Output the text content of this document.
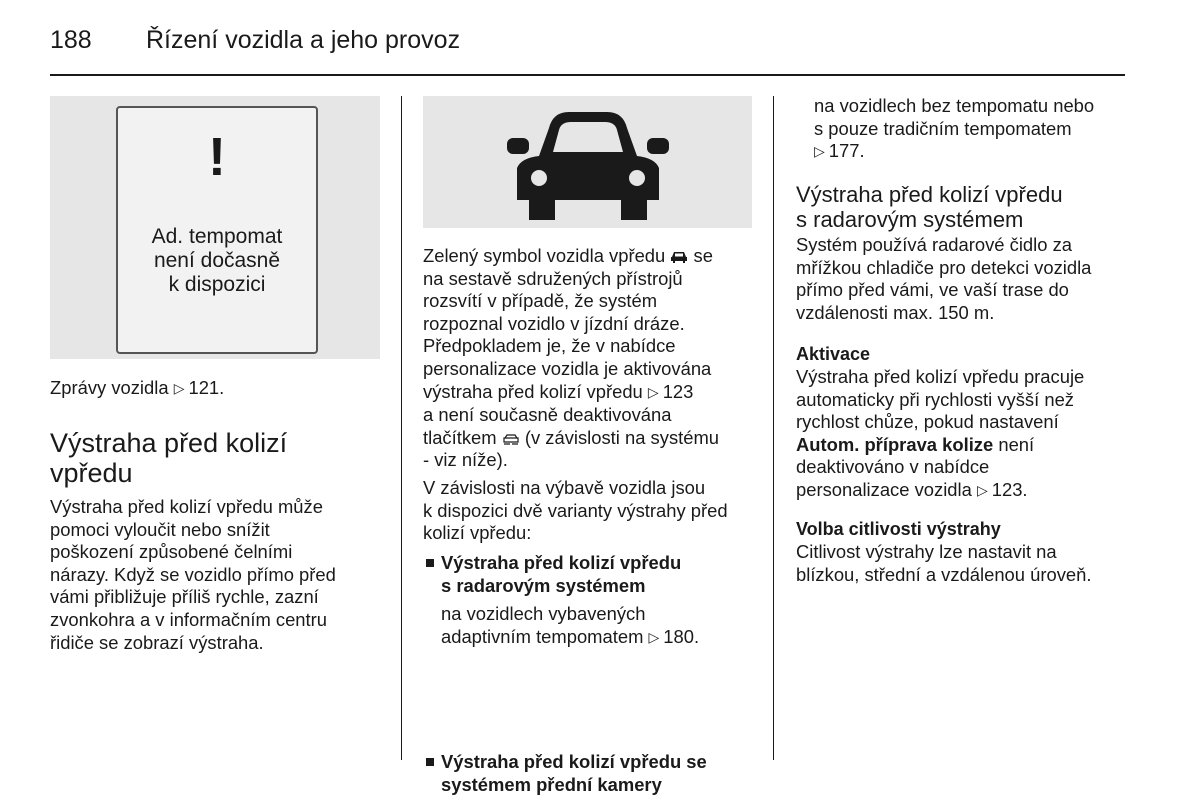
188 Řízení vozidla a jeho provoz
!
Ad. tempomat
není dočasně
k dispozici
Zprávy vozidla ▷ 121.
Výstraha před kolizí
vpředu
Výstraha před kolizí vpředu může
pomoci vyloučit nebo snížit
poškození způsobené čelními
nárazy. Když se vozidlo přímo před
vámi přibližuje příliš rychle, zazní
zvonkohra a v informačním centru
řidiče se zobrazí výstraha.
Zelený symbol vozidla vpředu se
na sestavě sdružených přístrojů
rozsvítí v případě, že systém
rozpoznal vozidlo v jízdní dráze.
Předpokladem je, že v nabídce
personalizace vozidla je aktivována
výstraha před kolizí vpředu ▷ 123
a není současně deaktivována
tlačítkem (v závislosti na systému
- viz níže).
V závislosti na výbavě vozidla jsou
k dispozici dvě varianty výstrahy před
kolizí vpředu:
Výstraha před kolizí vpředu
s radarovým systémem
na vozidlech vybavených
adaptivním tempomatem ▷ 180.
Výstraha před kolizí vpředu se
systémem přední kamery
na vozidlech bez tempomatu nebo
s pouze tradičním tempomatem
▷ 177.
Výstraha před kolizí vpředu
s radarovým systémem
Systém používá radarové čidlo za
mřížkou chladiče pro detekci vozidla
přímo před vámi, ve vaší trase do
vzdálenosti max. 150 m.
Aktivace
Výstraha před kolizí vpředu pracuje
automaticky při rychlosti vyšší než
rychlost chůze, pokud nastavení
Autom. příprava kolize není
deaktivováno v nabídce
personalizace vozidla ▷ 123.
Volba citlivosti výstrahy
Citlivost výstrahy lze nastavit na
blízkou, střední a vzdálenou úroveň.
